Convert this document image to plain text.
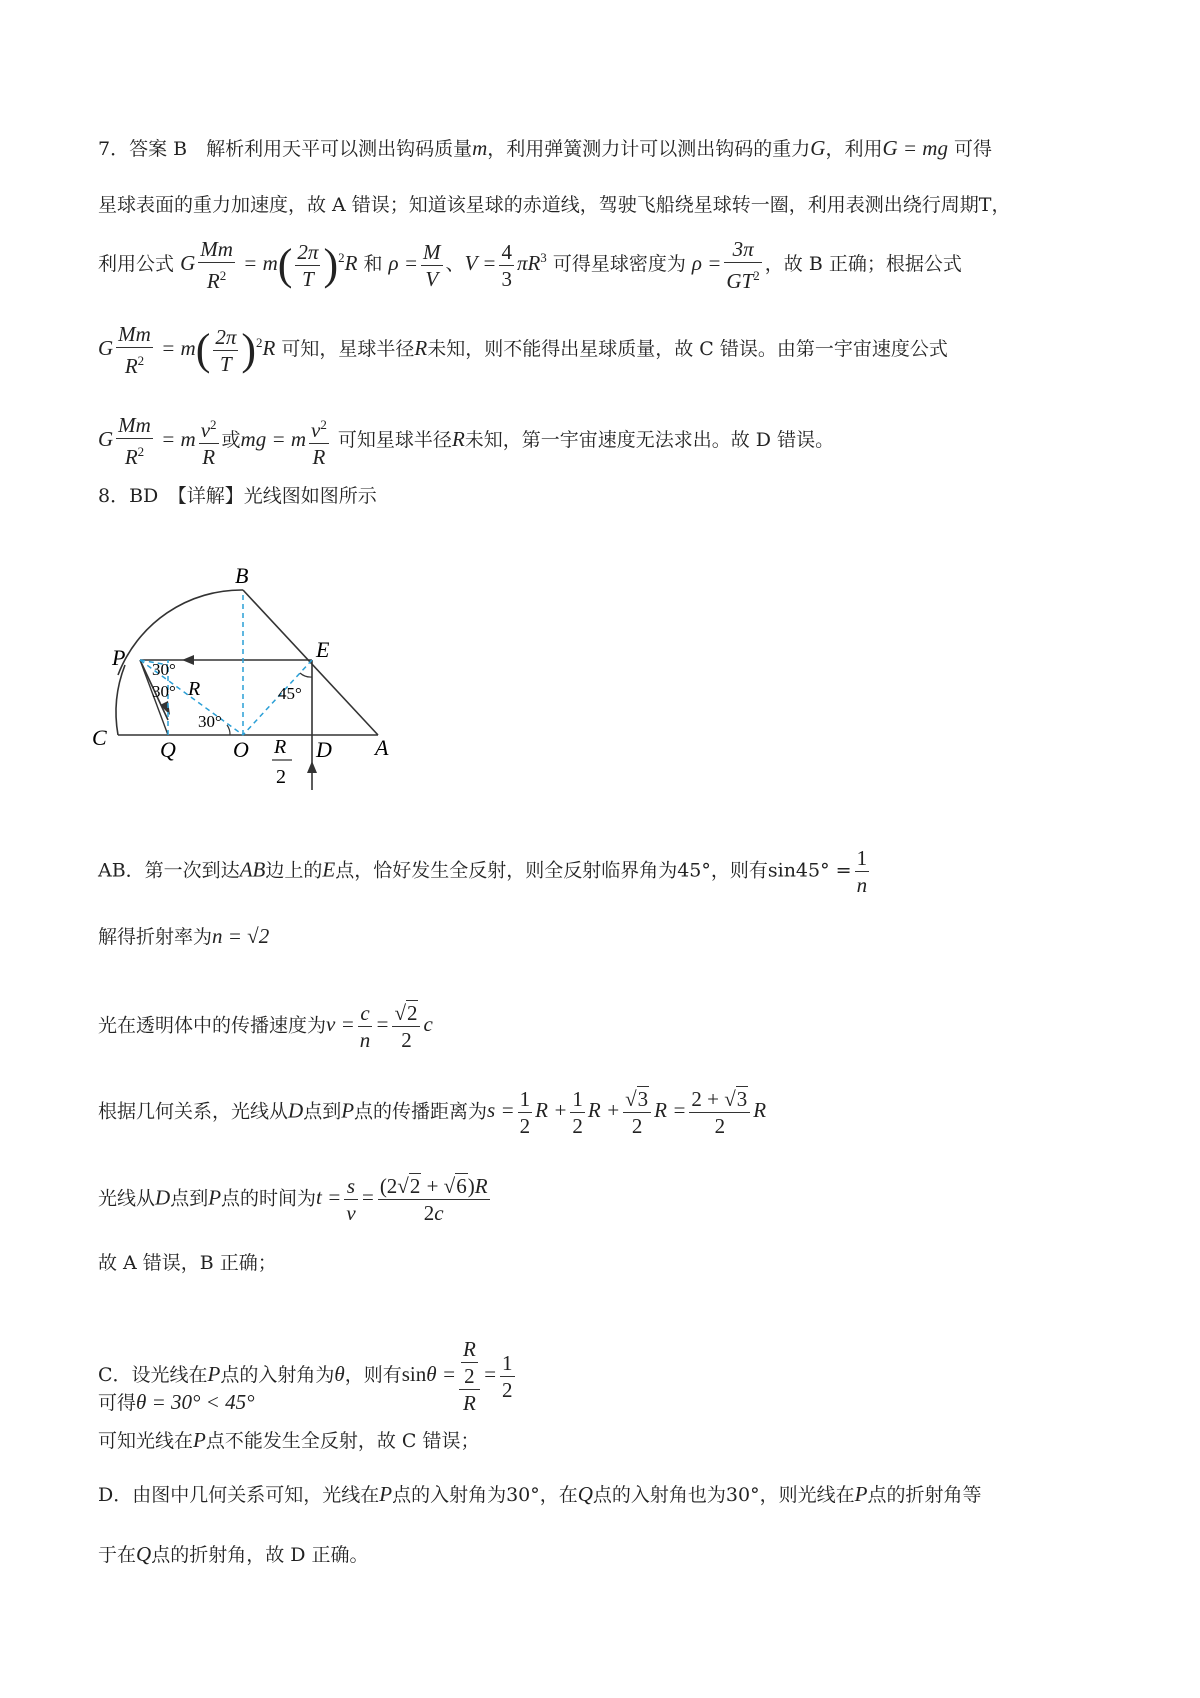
7．答案 B　解析利用天平可以测出钩码质量m，利用弹簧测力计可以测出钩码的重力G，利用G = mg 可得
星球表面的重力加速度，故 A 错误；知道该星球的赤道线，驾驶飞船绕星球转一圈，利用表测出绕行周期T，
利用公式 G $\frac{Mm}{R^2} = m( \frac{2\pi}{T} )^2R$ 和 $\rho = \frac{M}{V}$ 、$V = \frac{4}{3} \pi R^3$ 可得星球密度为 $\rho = \frac{3\pi}{GT^2}$ ，故 B 正确；根据公式
G $\frac{Mm}{R^2} = m( \frac{2\pi}{T} )^2R$ 可知，星球半径R未知，则不能得出星球质量，故 C 错误。由第一宇宙速度公式
G $\frac{Mm}{R^2} = m \frac{v^2}{R}$ 或mg = m $\frac{v^2}{R}$ 可知星球半径R未知，第一宇宙速度无法求出。故 D 错误。
8．BD　【详解】光线图如图所示
B
P	E
R
30°
30°	45°
30°
C Q	O R
2
D A
AB．第一次到达AB边上的E点，恰好发生全反射，则全反射临界角为45°，则有$\sin 45^\circ = \frac{1}{n}$
解得折射率为n = √2
光在透明体中的传播速度为$v = \frac{c}{n} = \frac{√2}{2}$ c
根据几何关系，光线从D点到P点的传播距离为$s = \frac{1}{2}$ $R + \frac{1}{2}$ $R + \frac{√3}{2}$ $R = \frac{2 + √3}{2}$ R
光线从D点到P点的时间为$t = \frac{s}{v} = \frac{(2√2 + √6)R}{2c}$
故 A 错误，B 正确；
C．设光线在P点的入射角为θ，则有$\sin\theta = \frac{\frac{R}{2}}{R} = \frac{1}{2}$
可得θ = 30° < 45°
可知光线在P点不能发生全反射，故 C 错误；
D．由图中几何关系可知，光线在P点的入射角为30°，在Q点的入射角也为30°，则光线在P点的折射角等
于在Q点的折射角，故 D 正确。
